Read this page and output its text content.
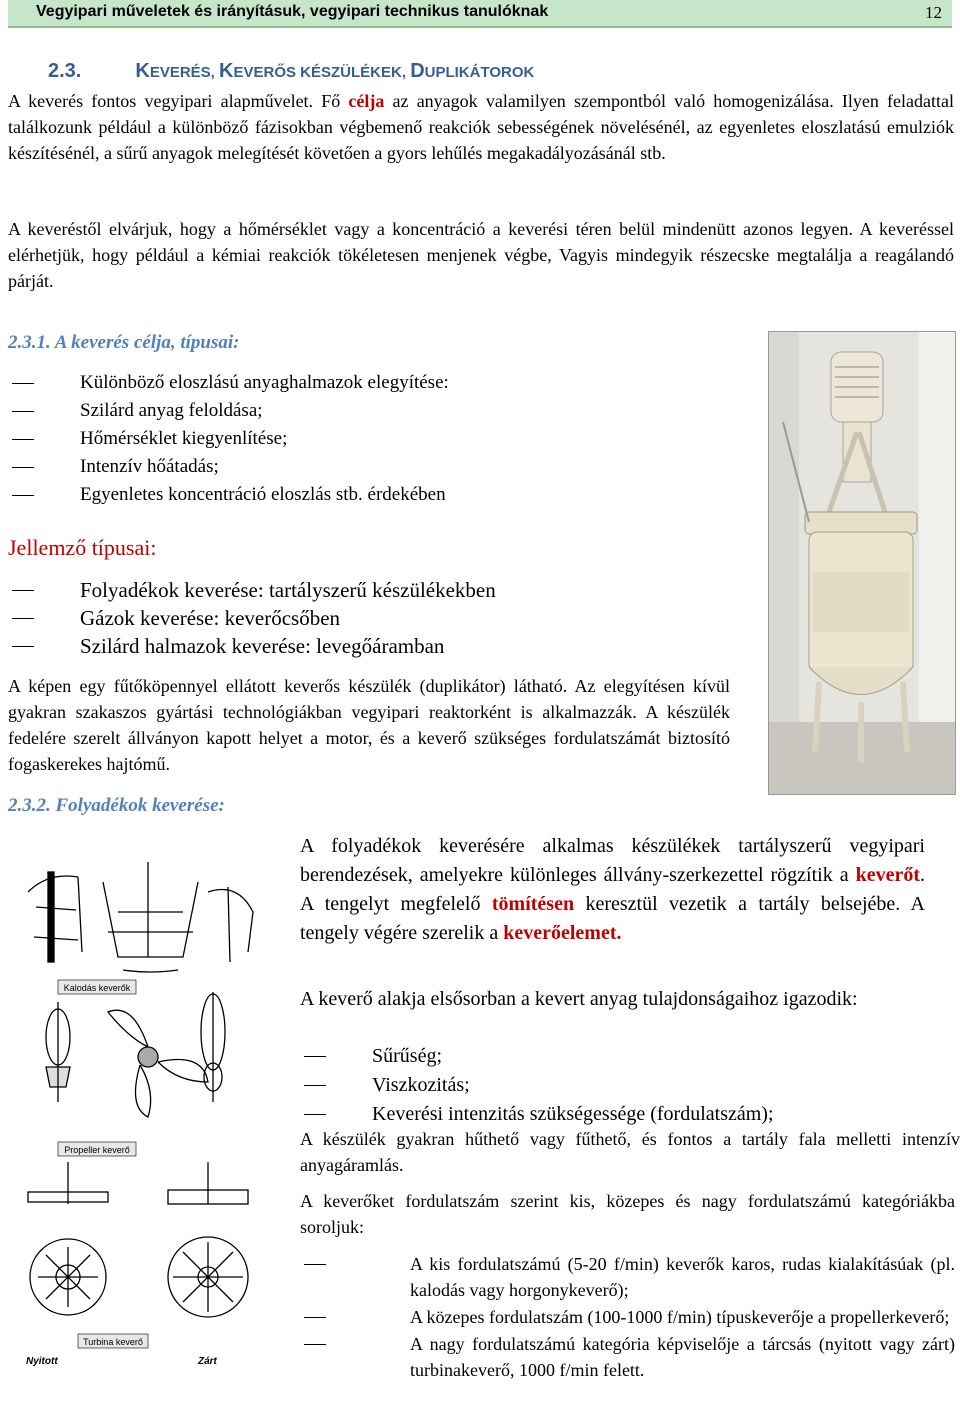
Vegyipari műveletek és irányításuk, vegyipari technikus tanulóknak	12
2.3.	KEVERÉS, KEVERŐS KÉSZÜLÉKEK, DUPLIKÁTOROK

A keverés fontos vegyipari alapművelet. Fő célja az anyagok valamilyen szempontból való homogenizálása. Ilyen feladattal találkozunk például a különböző fázisokban végbemenő reakciók sebességének növelésénél, az egyenletes eloszlatású emulziók készítésénél, a sűrű anyagok melegítését követően a gyors lehűlés megakadályozásánál stb.

A keveréstől elvárjuk, hogy a hőmérséklet vagy a koncentráció a keverési téren belül mindenütt azonos legyen. A keveréssel elérhetjük, hogy például a kémiai reakciók tökéletesen menjenek végbe, Vagyis mindegyik részecske megtalálja a reagálandó párját.

2.3.1. A keverés célja, típusai:
Különböző eloszlású anyaghalmazok elegyítése:
Szilárd anyag feloldása;
Hőmérséklet kiegyenlítése;
Intenzív hőátadás;
Egyenletes koncentráció eloszlás stb. érdekében
Jellemző típusai:
Folyadékok keverése: tartályszerű készülékekben
Gázok keverése: keverőcsőben
Szilárd halmazok keverése: levegőáramban

A képen egy fűtőköpennyel ellátott keverős készülék (duplikátor) látható. Az elegyítésen kívül gyakran szakaszos gyártási technológiákban vegyipari reaktorként is alkalmazzák. A készülék fedelére szerelt állványon kapott helyet a motor, és a keverő szükséges fordulatszámát biztosító fogaskerekes hajtómű.

2.3.2. Folyadékok keverése:
Kalodás keverők
Propeller keverő
Turbina keverő
Nyitott	Zárt

A folyadékok keverésére alkalmas készülékek tartályszerű vegyipari berendezések, amelyekre különleges állvány-szerkezettel rögzítik a keverőt. A tengelyt megfelelő tömítésen keresztül vezetik a tartály belsejébe. A tengely végére szerelik a keverőelemet.

A keverő alakja elsősorban a kevert anyag tulajdonságaihoz igazodik:

Sűrűség;
Viszkozitás;
Keverési intenzitás szükségessége (fordulatszám);

A készülék gyakran hűthető vagy fűthető, és fontos a tartály fala melletti intenzív anyagáramlás.

A keverőket fordulatszám szerint kis, közepes és nagy fordulatszámú kategóriákba soroljuk:

A kis fordulatszámú (5-20 f/min) keverők karos, rudas kialakításúak (pl. kalodás vagy horgonykeverő);
A közepes fordulatszám (100-1000 f/min) típuskeverője a propellerkeverő;
A nagy fordulatszámú kategória képviselője a tárcsás (nyitott vagy zárt) turbinakeverő, 1000 f/min felett.
